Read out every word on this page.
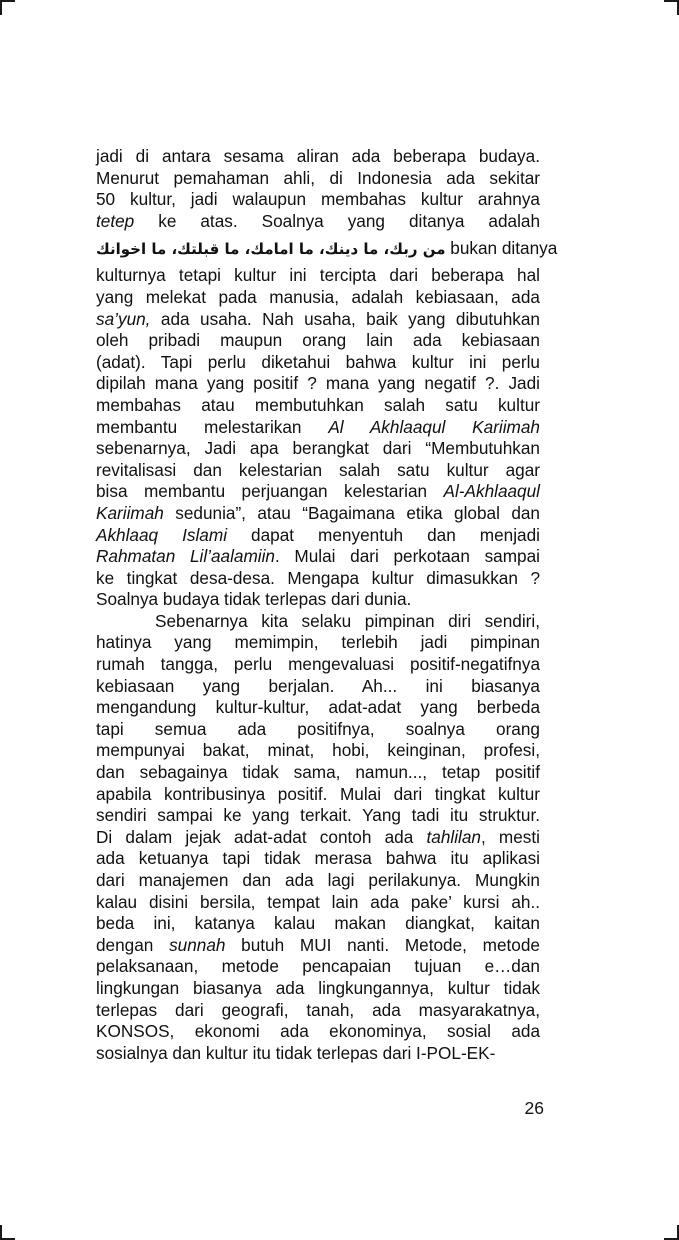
jadi di antara sesama aliran ada beberapa budaya.
Menurut pemahaman ahli, di Indonesia ada sekitar
50 kultur, jadi walaupun membahas kultur arahnya
tetep ke atas. Soalnya yang ditanya adalah
من ربك، ما دينك، ما امامك، ما قبلتك، ما اخوانك bukan ditanya
kulturnya tetapi kultur ini tercipta dari beberapa hal
yang melekat pada manusia, adalah kebiasaan, ada
sa’yun, ada usaha. Nah usaha, baik yang dibutuhkan
oleh pribadi maupun orang lain ada kebiasaan
(adat). Tapi perlu diketahui bahwa kultur ini perlu
dipilah mana yang positif ? mana yang negatif ?. Jadi
membahas atau membutuhkan salah satu kultur
membantu melestarikan Al Akhlaaqul Kariimah
sebenarnya, Jadi apa berangkat dari “Membutuhkan
revitalisasi dan kelestarian salah satu kultur agar
bisa membantu perjuangan kelestarian Al-Akhlaaqul
Kariimah sedunia”, atau “Bagaimana etika global dan
Akhlaaq Islami dapat menyentuh dan menjadi
Rahmatan Lil’aalamiin. Mulai dari perkotaan sampai
ke tingkat desa-desa. Mengapa kultur dimasukkan ?
Soalnya budaya tidak terlepas dari dunia.
Sebenarnya kita selaku pimpinan diri sendiri,
hatinya yang memimpin, terlebih jadi pimpinan
rumah tangga, perlu mengevaluasi positif-negatifnya
kebiasaan yang berjalan. Ah... ini biasanya
mengandung kultur-kultur, adat-adat yang berbeda
tapi semua ada positifnya, soalnya orang
mempunyai bakat, minat, hobi, keinginan, profesi,
dan sebagainya tidak sama, namun..., tetap positif
apabila kontribusinya positif. Mulai dari tingkat kultur
sendiri sampai ke yang terkait. Yang tadi itu struktur.
Di dalam jejak adat-adat contoh ada tahlilan, mesti
ada ketuanya tapi tidak merasa bahwa itu aplikasi
dari manajemen dan ada lagi perilakunya. Mungkin
kalau disini bersila, tempat lain ada pake’ kursi ah..
beda ini, katanya kalau makan diangkat, kaitan
dengan sunnah butuh MUI nanti. Metode, metode
pelaksanaan, metode pencapaian tujuan e…dan
lingkungan biasanya ada lingkungannya, kultur tidak
terlepas dari geografi, tanah, ada masyarakatnya,
KONSOS, ekonomi ada ekonominya, sosial ada
sosialnya dan kultur itu tidak terlepas dari I-POL-EK-
26
